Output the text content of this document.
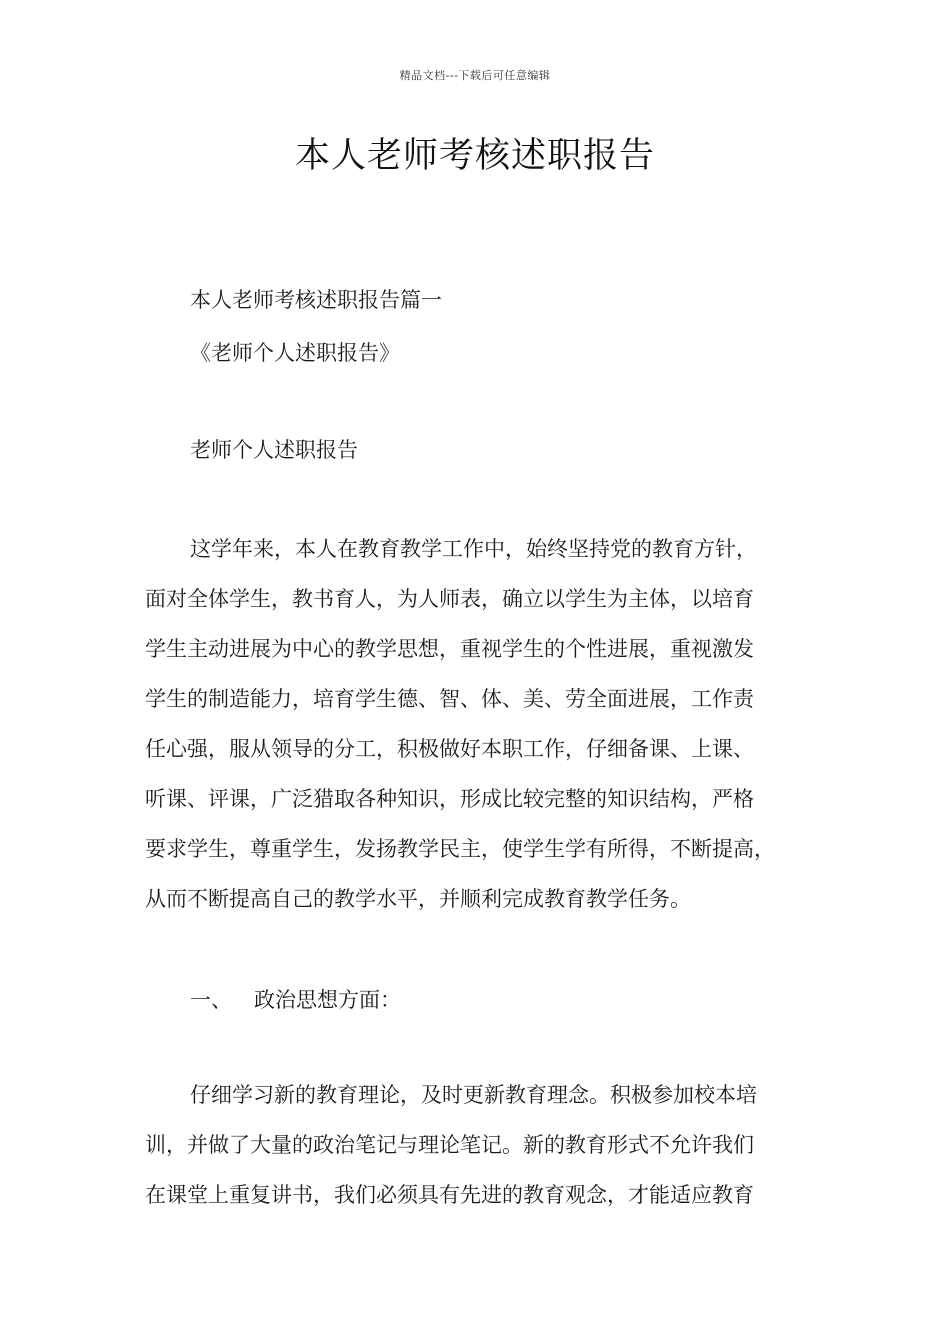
精品文档---下载后可任意编辑
本人老师考核述职报告
本人老师考核述职报告篇一
《老师个人述职报告》
老师个人述职报告
这学年来，本人在教育教学工作中，始终坚持党的教育方针，
面对全体学生，教书育人，为人师表，确立以学生为主体，以培育
学生主动进展为中心的教学思想，重视学生的个性进展，重视激发
学生的制造能力，培育学生德、智、体、美、劳全面进展，工作责
任心强，服从领导的分工，积极做好本职工作，仔细备课、上课、
听课、评课，广泛猎取各种知识，形成比较完整的知识结构，严格
要求学生，尊重学生，发扬教学民主，使学生学有所得，不断提高，
从而不断提高自己的教学水平，并顺利完成教育教学任务。
一、 政治思想方面：
仔细学习新的教育理论，及时更新教育理念。积极参加校本培
训，并做了大量的政治笔记与理论笔记。新的教育形式不允许我们
在课堂上重复讲书，我们必须具有先进的教育观念，才能适应教育
